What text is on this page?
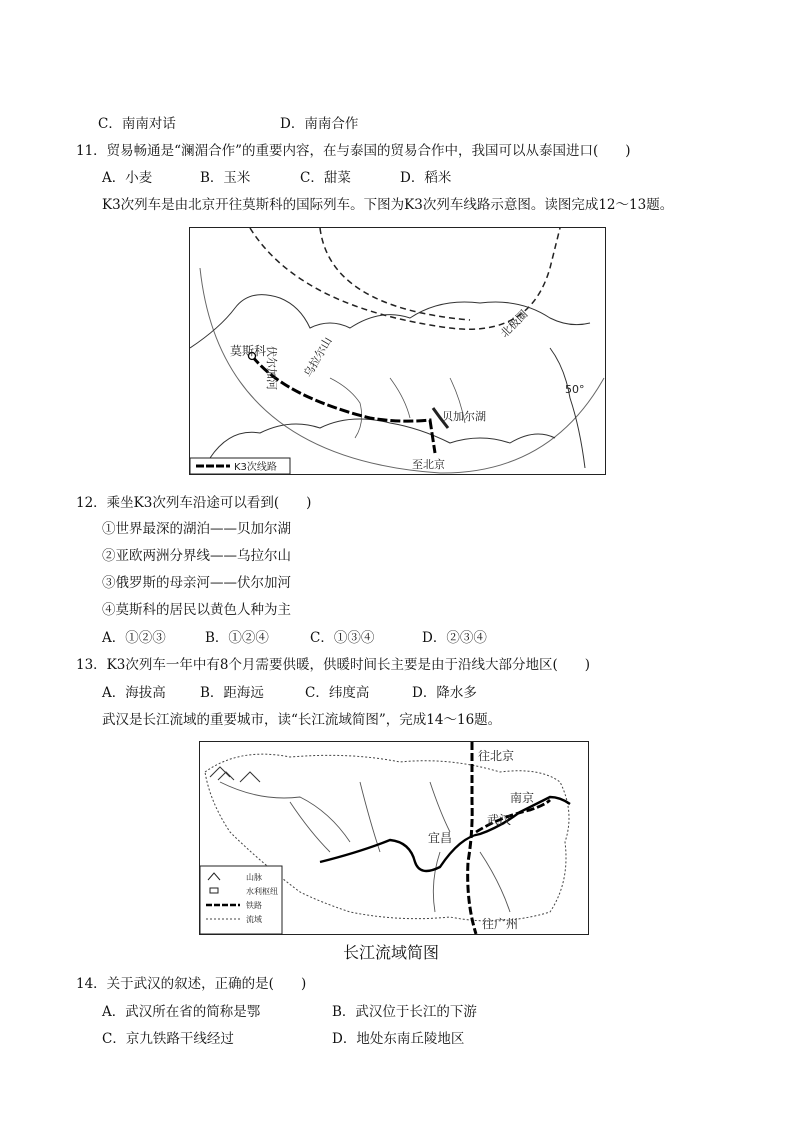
C．南南对话	D．南南合作
11．贸易畅通是“澜湄合作”的重要内容，在与泰国的贸易合作中，我国可以从泰国进口(　　)
A．小麦	B．玉米	C．甜菜	D．稻米
K3次列车是由北京开往莫斯科的国际列车。下图为K3次列车线路示意图。读图完成12～13题。
乌拉尔山
莫斯科
伏尔加河
贝加尔湖
至北京
北极圈
50°
K3次线路
12．乘坐K3次列车沿途可以看到(　　)
①世界最深的湖泊——贝加尔湖
②亚欧两洲分界线——乌拉尔山
③俄罗斯的母亲河——伏尔加河
④莫斯科的居民以黄色人种为主
A．①②③	B．①②④	C．①③④	D．②③④
13．K3次列车一年中有8个月需要供暖，供暖时间长主要是由于沿线大部分地区(　　)
A．海拔高	B．距海远	C．纬度高	D．降水多
武汉是长江流域的重要城市，读“长江流域简图”，完成14～16题。
往北京
南京
武汉
宜昌
往广州
山脉
水利枢纽
铁路
流域
长江流域简图
14．关于武汉的叙述，正确的是(　　)
A．武汉所在省的简称是鄂	B．武汉位于长江的下游
C．京九铁路干线经过	D．地处东南丘陵地区
